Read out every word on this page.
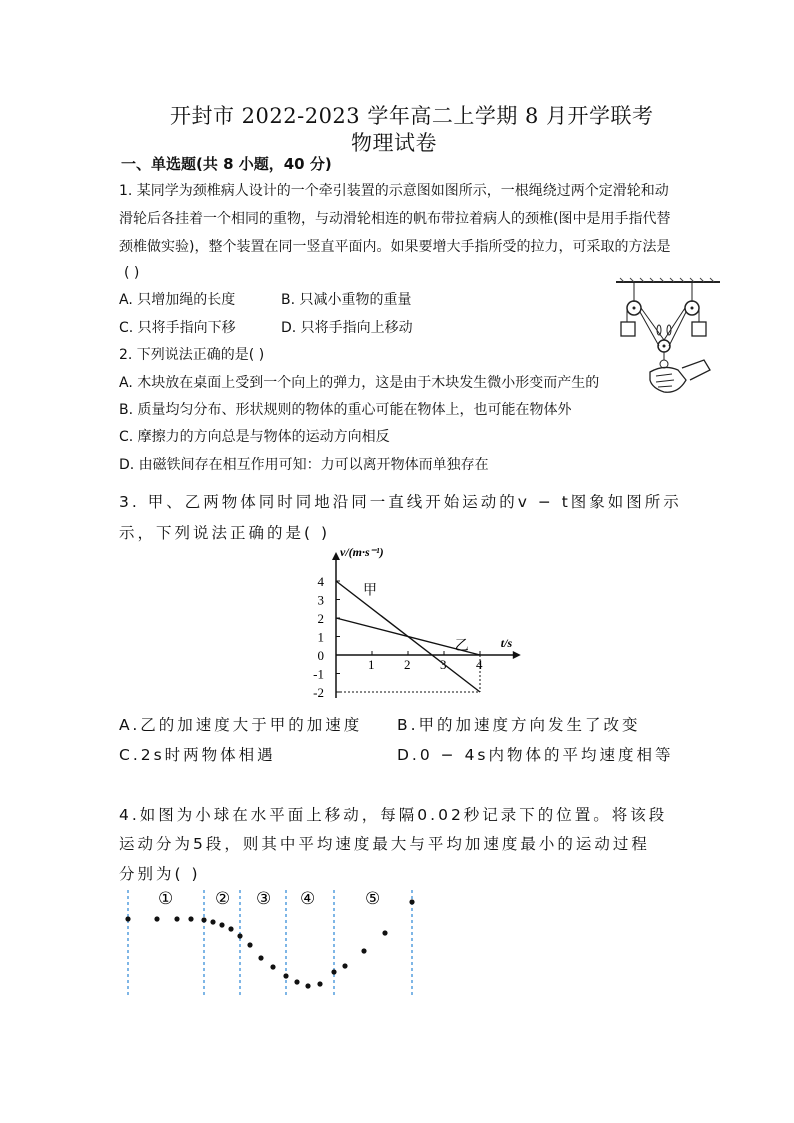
开封市 2022-2023 学年高二上学期 8 月开学联考
物理试卷
一、单选题(共 8 小题，40 分)
1. 某同学为颈椎病人设计的一个牵引装置的示意图如图所示，一根绳绕过两个定滑轮和动
滑轮后各挂着一个相同的重物，与动滑轮相连的帆布带拉着病人的颈椎(图中是用手指代替
颈椎做实验)，整个装置在同一竖直平面内。如果要增大手指所受的拉力，可采取的方法是
( )
A. 只增加绳的长度	B. 只减小重物的重量
C. 只将手指向下移	D. 只将手指向上移动
2. 下列说法正确的是( )
A. 木块放在桌面上受到一个向上的弹力，这是由于木块发生微小形变而产生的
B. 质量均匀分布、形状规则的物体的重心可能在物体上，也可能在物体外
C. 摩擦力的方向总是与物体的运动方向相反
D. 由磁铁间存在相互作用可知：力可以离开物体而单独存在
3. 甲、乙两物体同时同地沿同一直线开始运动的v − t图象如图所示
示，下列说法正确的是( )
v/(m·s⁻¹)
t/s
4
3
2
1
0
-1
-2
1 2 3 4
甲
乙
A.乙的加速度大于甲的加速度 B.甲的加速度方向发生了改变
C.2s时两物体相遇	D.0 − 4s内物体的平均速度相等
4.如图为小球在水平面上移动，每隔0.02秒记录下的位置。将该段
运动分为5段，则其中平均速度最大与平均加速度最小的运动过程
分别为( )
① ② ③ ④	⑤
